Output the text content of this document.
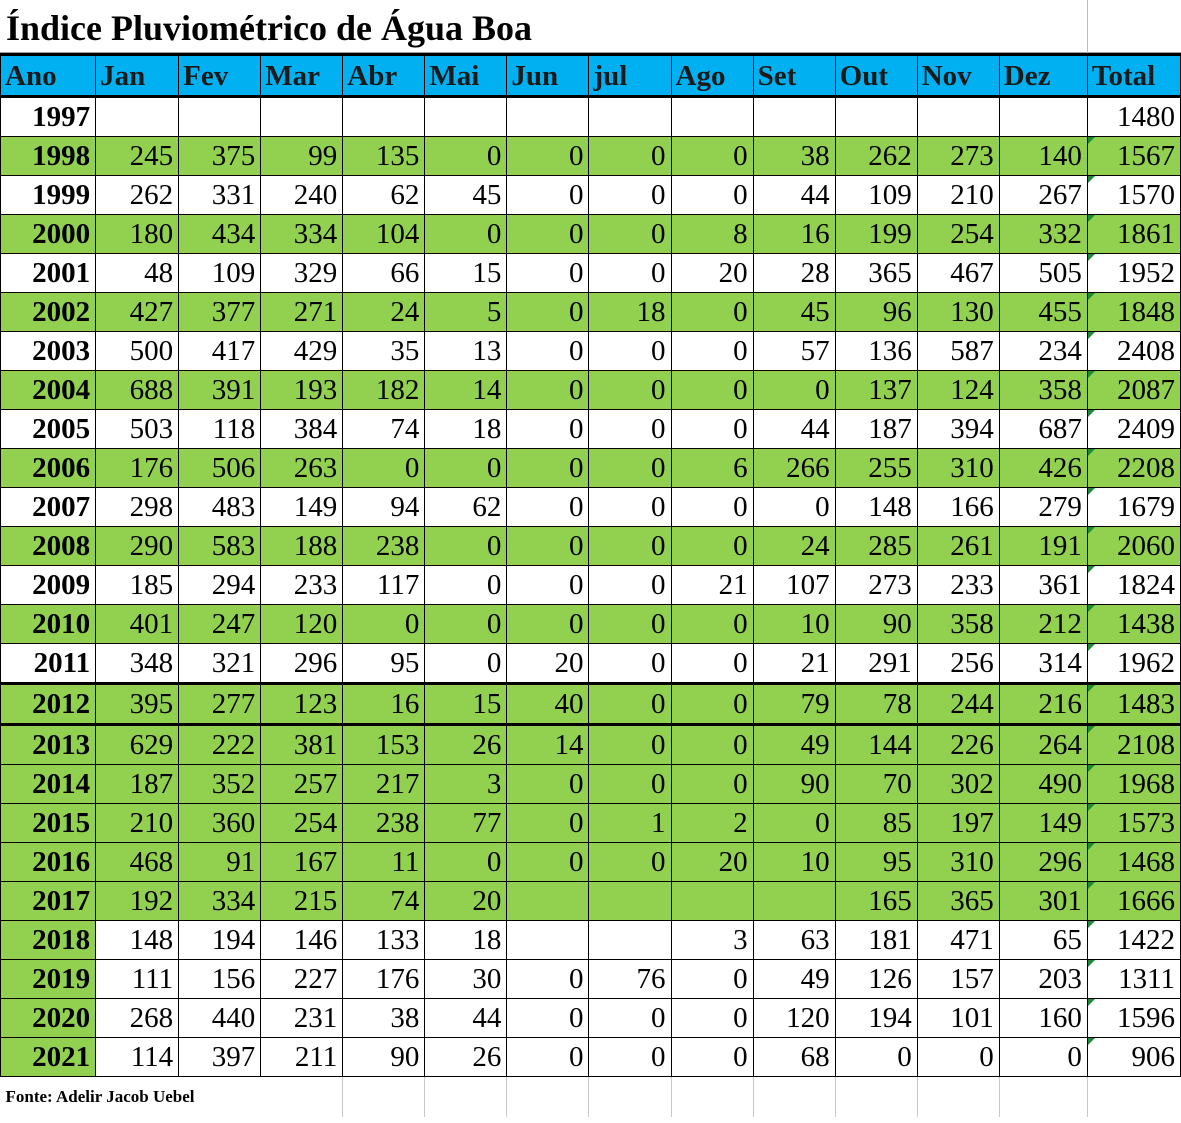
Índice Pluviométrico de Água Boa
Ano	Jan	Fev	Mar	Abr	Mai	Jun	jul	Ago	Set	Out	Nov	Dez	Total
1997													1480
1998	245	375	99	135	0	0	0	0	38	262	273	140	1567
1999	262	331	240	62	45	0	0	0	44	109	210	267	1570
2000	180	434	334	104	0	0	0	8	16	199	254	332	1861
2001	48	109	329	66	15	0	0	20	28	365	467	505	1952
2002	427	377	271	24	5	0	18	0	45	96	130	455	1848
2003	500	417	429	35	13	0	0	0	57	136	587	234	2408
2004	688	391	193	182	14	0	0	0	0	137	124	358	2087
2005	503	118	384	74	18	0	0	0	44	187	394	687	2409
2006	176	506	263	0	0	0	0	6	266	255	310	426	2208
2007	298	483	149	94	62	0	0	0	0	148	166	279	1679
2008	290	583	188	238	0	0	0	0	24	285	261	191	2060
2009	185	294	233	117	0	0	0	21	107	273	233	361	1824
2010	401	247	120	0	0	0	0	0	10	90	358	212	1438
2011	348	321	296	95	0	20	0	0	21	291	256	314	1962
2012	395	277	123	16	15	40	0	0	79	78	244	216	1483
2013	629	222	381	153	26	14	0	0	49	144	226	264	2108
2014	187	352	257	217	3	0	0	0	90	70	302	490	1968
2015	210	360	254	238	77	0	1	2	0	85	197	149	1573
2016	468	91	167	11	0	0	0	20	10	95	310	296	1468
2017	192	334	215	74	20					165	365	301	1666
2018	148	194	146	133	18			3	63	181	471	65	1422
2019	111	156	227	176	30	0	76	0	49	126	157	203	1311
2020	268	440	231	38	44	0	0	0	120	194	101	160	1596
2021	114	397	211	90	26	0	0	0	68	0	0	0	906
Fonte: Adelir Jacob Uebel													
